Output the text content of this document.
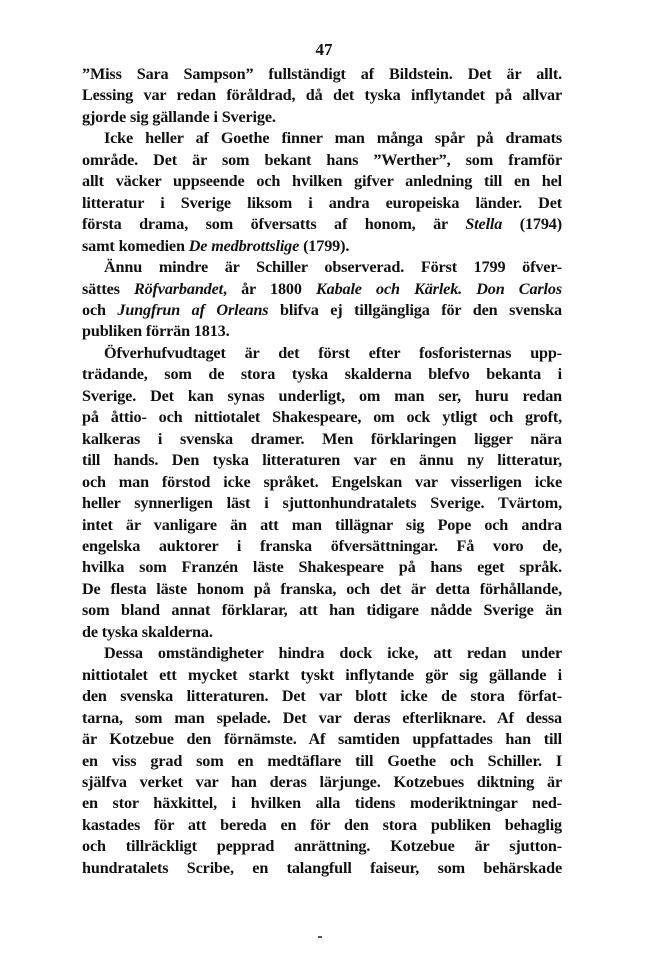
47
”Miss Sara Sampson” fullständigt af Bildstein. Det är allt.
Lessing var redan föråldrad, då det tyska inflytandet på allvar
gjorde sig gällande i Sverige.
Icke heller af Goethe finner man många spår på dramats
område. Det är som bekant hans ”Werther”, som framför
allt väcker uppseende och hvilken gifver anledning till en hel
litteratur i Sverige liksom i andra europeiska länder. Det
första drama, som öfversatts af honom, är Stella (1794)
samt komedien De medbrottslige (1799).
Ännu mindre är Schiller observerad. Först 1799 öfver-
sättes Röfvarbandet, år 1800 Kabale och Kärlek. Don Carlos
och Jungfrun af Orleans blifva ej tillgängliga för den svenska
publiken förrän 1813.
Öfverhufvudtaget är det först efter fosforisternas upp-
trädande, som de stora tyska skalderna blefvo bekanta i
Sverige. Det kan synas underligt, om man ser, huru redan
på åttio- och nittiotalet Shakespeare, om ock ytligt och groft,
kalkeras i svenska dramer. Men förklaringen ligger nära
till hands. Den tyska litteraturen var en ännu ny litteratur,
och man förstod icke språket. Engelskan var visserligen icke
heller synnerligen läst i sjuttonhundratalets Sverige. Tvärtom,
intet är vanligare än att man tillägnar sig Pope och andra
engelska auktorer i franska öfversättningar. Få voro de,
hvilka som Franzén läste Shakespeare på hans eget språk.
De flesta läste honom på franska, och det är detta förhållande,
som bland annat förklarar, att han tidigare nådde Sverige än
de tyska skalderna.
Dessa omständigheter hindra dock icke, att redan under
nittiotalet ett mycket starkt tyskt inflytande gör sig gällande i
den svenska litteraturen. Det var blott icke de stora förfat-
tarna, som man spelade. Det var deras efterliknare. Af dessa
är Kotzebue den förnämste. Af samtiden uppfattades han till
en viss grad som en medtäflare till Goethe och Schiller. I
själfva verket var han deras lärjunge. Kotzebues diktning är
en stor häxkittel, i hvilken alla tidens moderiktningar ned-
kastades för att bereda en för den stora publiken behaglig
och tillräckligt pepprad anrättning. Kotzebue är sjutton-
hundratalets Scribe, en talangfull faiseur, som behärskade
